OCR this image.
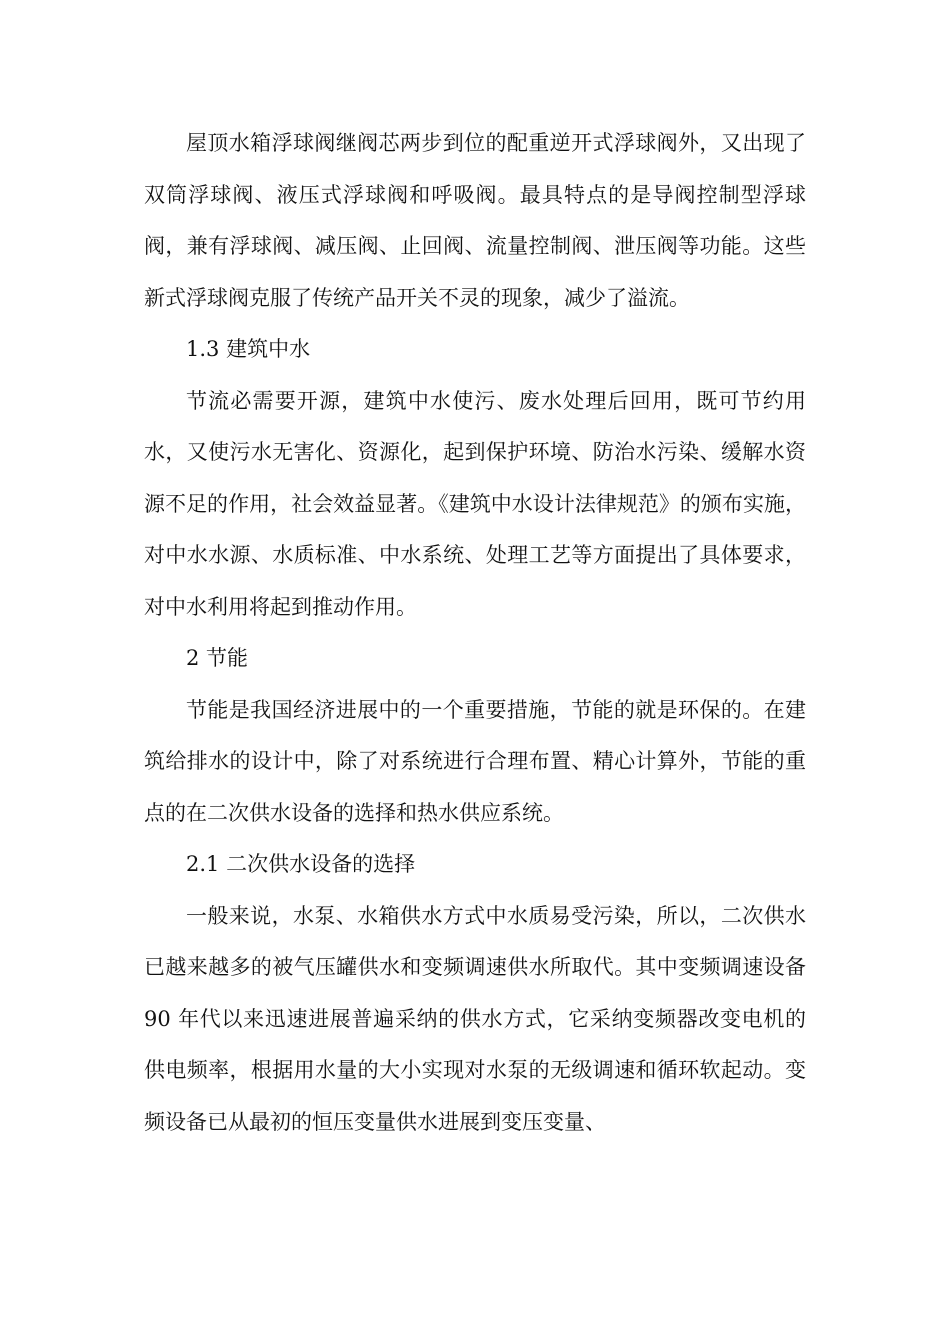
屋顶水箱浮球阀继阀芯两步到位的配重逆开式浮球阀外，又出现了双筒浮球阀、液压式浮球阀和呼吸阀。最具特点的是导阀控制型浮球阀，兼有浮球阀、减压阀、止回阀、流量控制阀、泄压阀等功能。这些新式浮球阀克服了传统产品开关不灵的现象，减少了溢流。

1.3 建筑中水

节流必需要开源，建筑中水使污、废水处理后回用，既可节约用水，又使污水无害化、资源化，起到保护环境、防治水污染、缓解水资源不足的作用，社会效益显著。《建筑中水设计法律规范》的颁布实施，对中水水源、水质标准、中水系统、处理工艺等方面提出了具体要求，对中水利用将起到推动作用。

2 节能

节能是我国经济进展中的一个重要措施，节能的就是环保的。在建筑给排水的设计中，除了对系统进行合理布置、精心计算外，节能的重点的在二次供水设备的选择和热水供应系统。

2.1 二次供水设备的选择

一般来说，水泵、水箱供水方式中水质易受污染，所以，二次供水已越来越多的被气压罐供水和变频调速供水所取代。其中变频调速设备 90 年代以来迅速进展普遍采纳的供水方式，它采纳变频器改变电机的供电频率，根据用水量的大小实现对水泵的无级调速和循环软起动。变频设备已从最初的恒压变量供水进展到变压变量、
